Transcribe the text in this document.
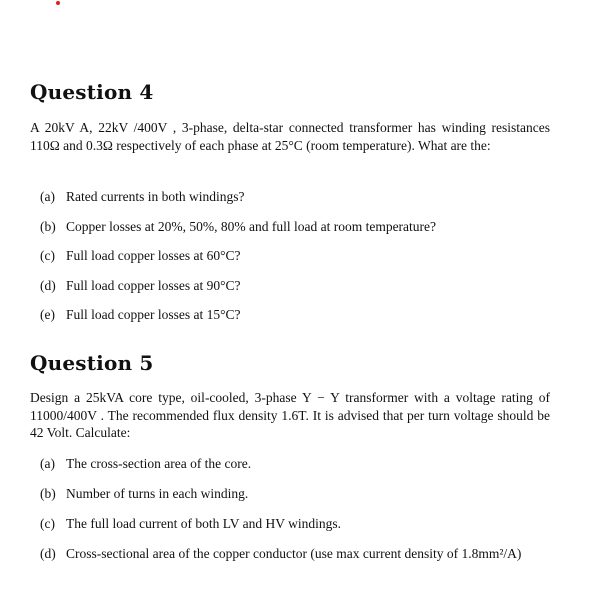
Question 4

A 20kV A, 22kV /400V , 3-phase, delta-star connected transformer has winding resistances 110Ω and 0.3Ω respectively of each phase at 25°C (room temperature). What are the:

(a) Rated currents in both windings?

(b) Copper losses at 20%, 50%, 80% and full load at room temperature?

(c) Full load copper losses at 60°C?

(d) Full load copper losses at 90°C?

(e) Full load copper losses at 15°C?

Question 5

Design a 25kVA core type, oil-cooled, 3-phase Y − Y transformer with a voltage rating of 11000/400V . The recommended flux density 1.6T. It is advised that per turn voltage should be 42 Volt. Calculate:

(a) The cross-section area of the core.

(b) Number of turns in each winding.

(c) The full load current of both LV and HV windings.

(d) Cross-sectional area of the copper conductor (use max current density of 1.8mm²/A)
